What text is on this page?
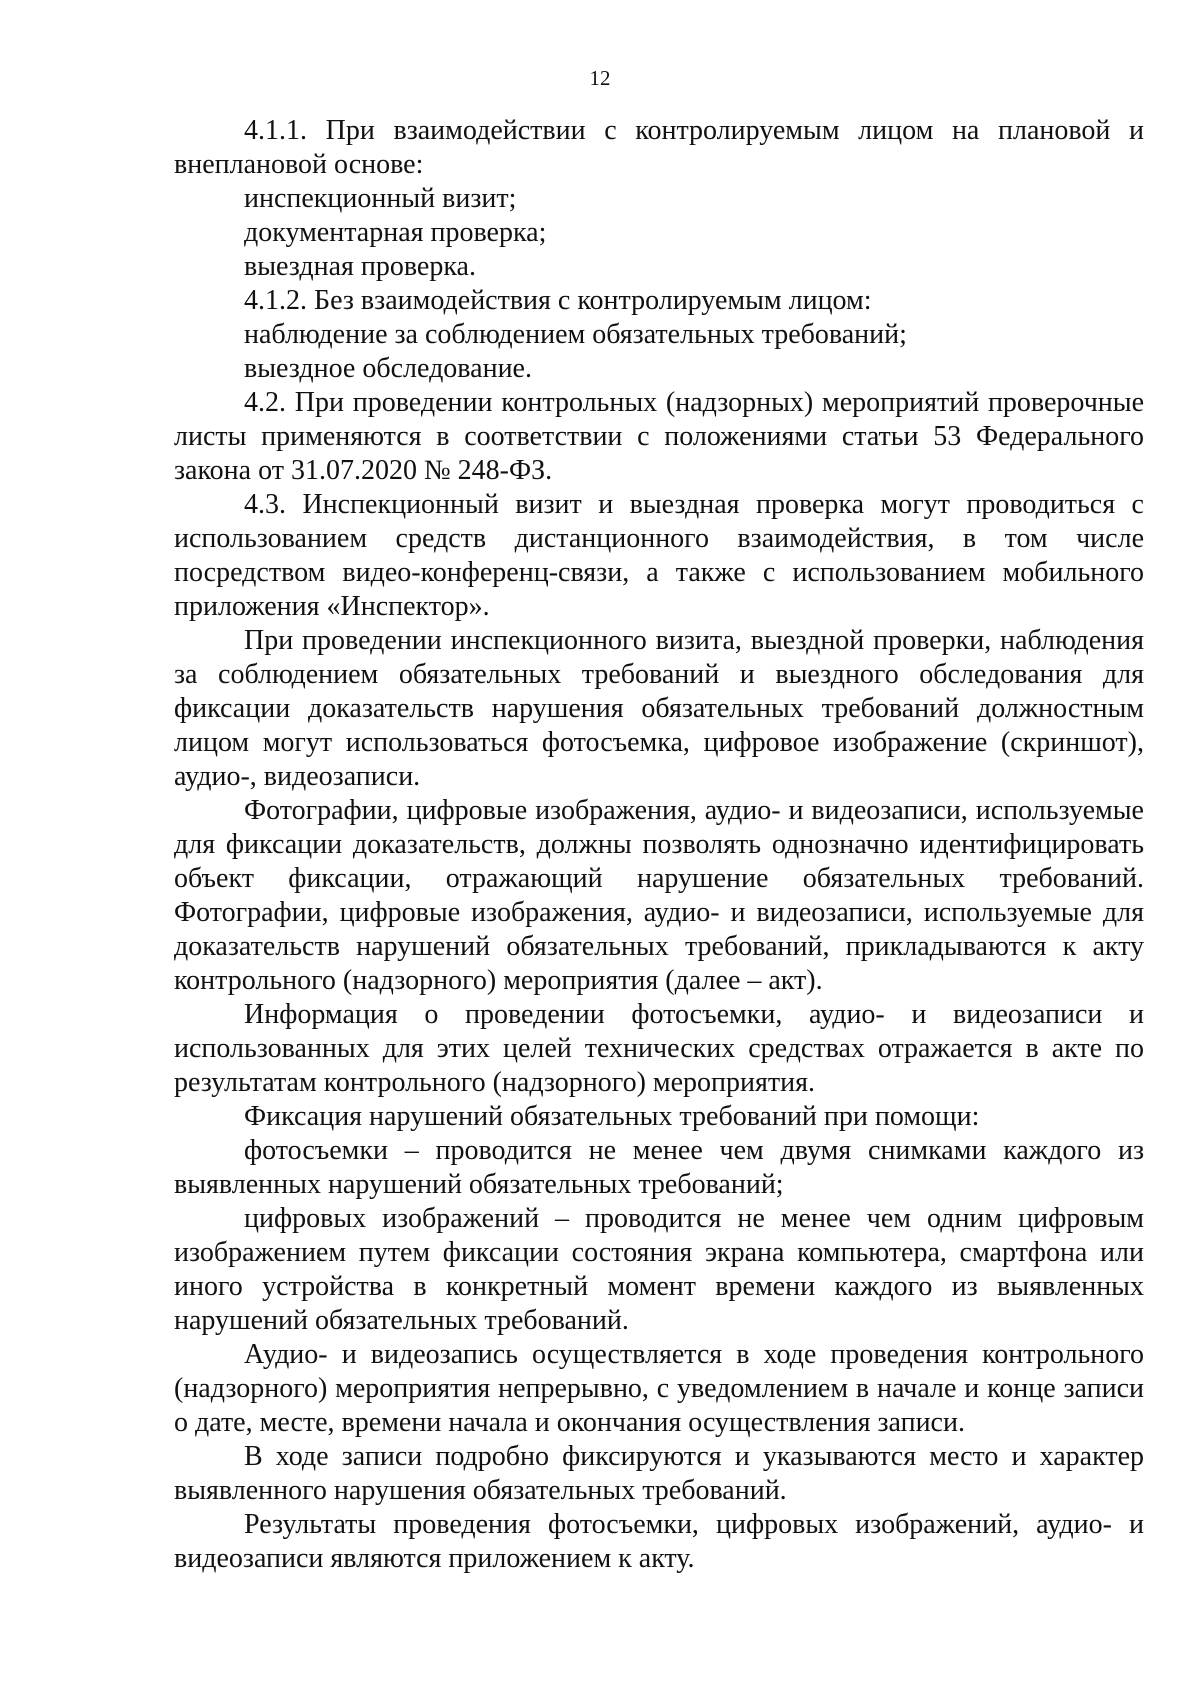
12

4.1.1. При взаимодействии с контролируемым лицом на плановой и внеплановой основе:

инспекционный визит;

документарная проверка;

выездная проверка.

4.1.2. Без взаимодействия с контролируемым лицом:

наблюдение за соблюдением обязательных требований;

выездное обследование.

4.2. При проведении контрольных (надзорных) мероприятий проверочные листы применяются в соответствии с положениями статьи 53 Федерального закона от 31.07.2020 № 248-ФЗ.

4.3. Инспекционный визит и выездная проверка могут проводиться с использованием средств дистанционного взаимодействия, в том числе посредством видео-конференц-связи, а также с использованием мобильного приложения «Инспектор».

При проведении инспекционного визита, выездной проверки, наблюдения за соблюдением обязательных требований и выездного обследования для фиксации доказательств нарушения обязательных требований должностным лицом могут использоваться фотосъемка, цифровое изображение (скриншот), аудио-, видеозаписи.

Фотографии, цифровые изображения, аудио- и видеозаписи, используемые для фиксации доказательств, должны позволять однозначно идентифицировать объект фиксации, отражающий нарушение обязательных требований. Фотографии, цифровые изображения, аудио- и видеозаписи, используемые для доказательств нарушений обязательных требований, прикладываются к акту контрольного (надзорного) мероприятия (далее – акт).

Информация о проведении фотосъемки, аудио- и видеозаписи и использованных для этих целей технических средствах отражается в акте по результатам контрольного (надзорного) мероприятия.

Фиксация нарушений обязательных требований при помощи:

фотосъемки – проводится не менее чем двумя снимками каждого из выявленных нарушений обязательных требований;

цифровых изображений – проводится не менее чем одним цифровым изображением путем фиксации состояния экрана компьютера, смартфона или иного устройства в конкретный момент времени каждого из выявленных нарушений обязательных требований.

Аудио- и видеозапись осуществляется в ходе проведения контрольного (надзорного) мероприятия непрерывно, с уведомлением в начале и конце записи о дате, месте, времени начала и окончания осуществления записи.

В ходе записи подробно фиксируются и указываются место и характер выявленного нарушения обязательных требований.

Результаты проведения фотосъемки, цифровых изображений, аудио- и видеозаписи являются приложением к акту.
